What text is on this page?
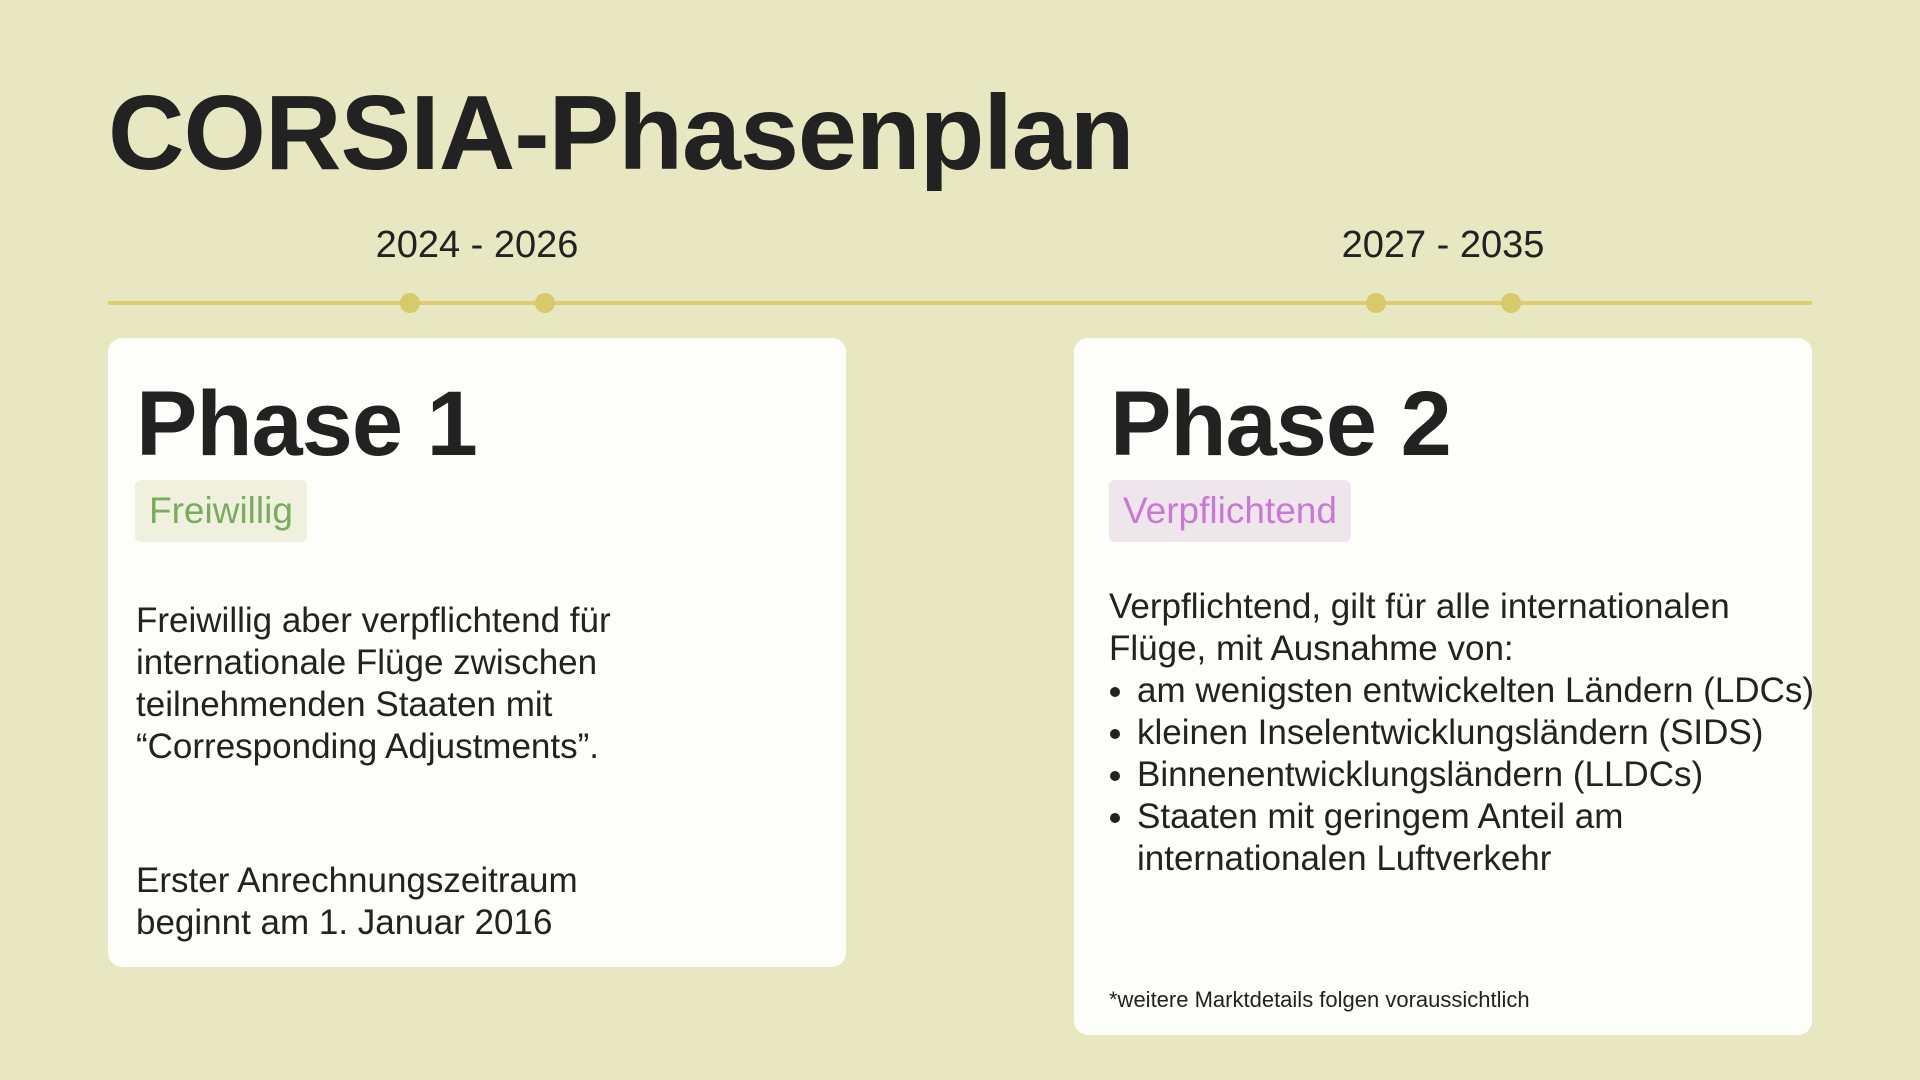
CORSIA-Phasenplan
2024 - 2026	2027 - 2035
Phase 1
Freiwillig

Freiwillig aber verpflichtend für internationale Flüge zwischen teilnehmenden Staaten mit “Corresponding Adjustments”.

Erster Anrechnungszeitraum beginnt am 1. Januar 2016

Phase 2
Verpflichtend

Verpflichtend, gilt für alle internationalen Flüge, mit Ausnahme von:

• am wenigsten entwickelten Ländern (LDCs)
• kleinen Inselentwicklungsländern (SIDS)
• Binnenentwicklungsländern (LLDCs)
• Staaten mit geringem Anteil am internationalen Luftverkehr
*weitere Marktdetails folgen voraussichtlich
